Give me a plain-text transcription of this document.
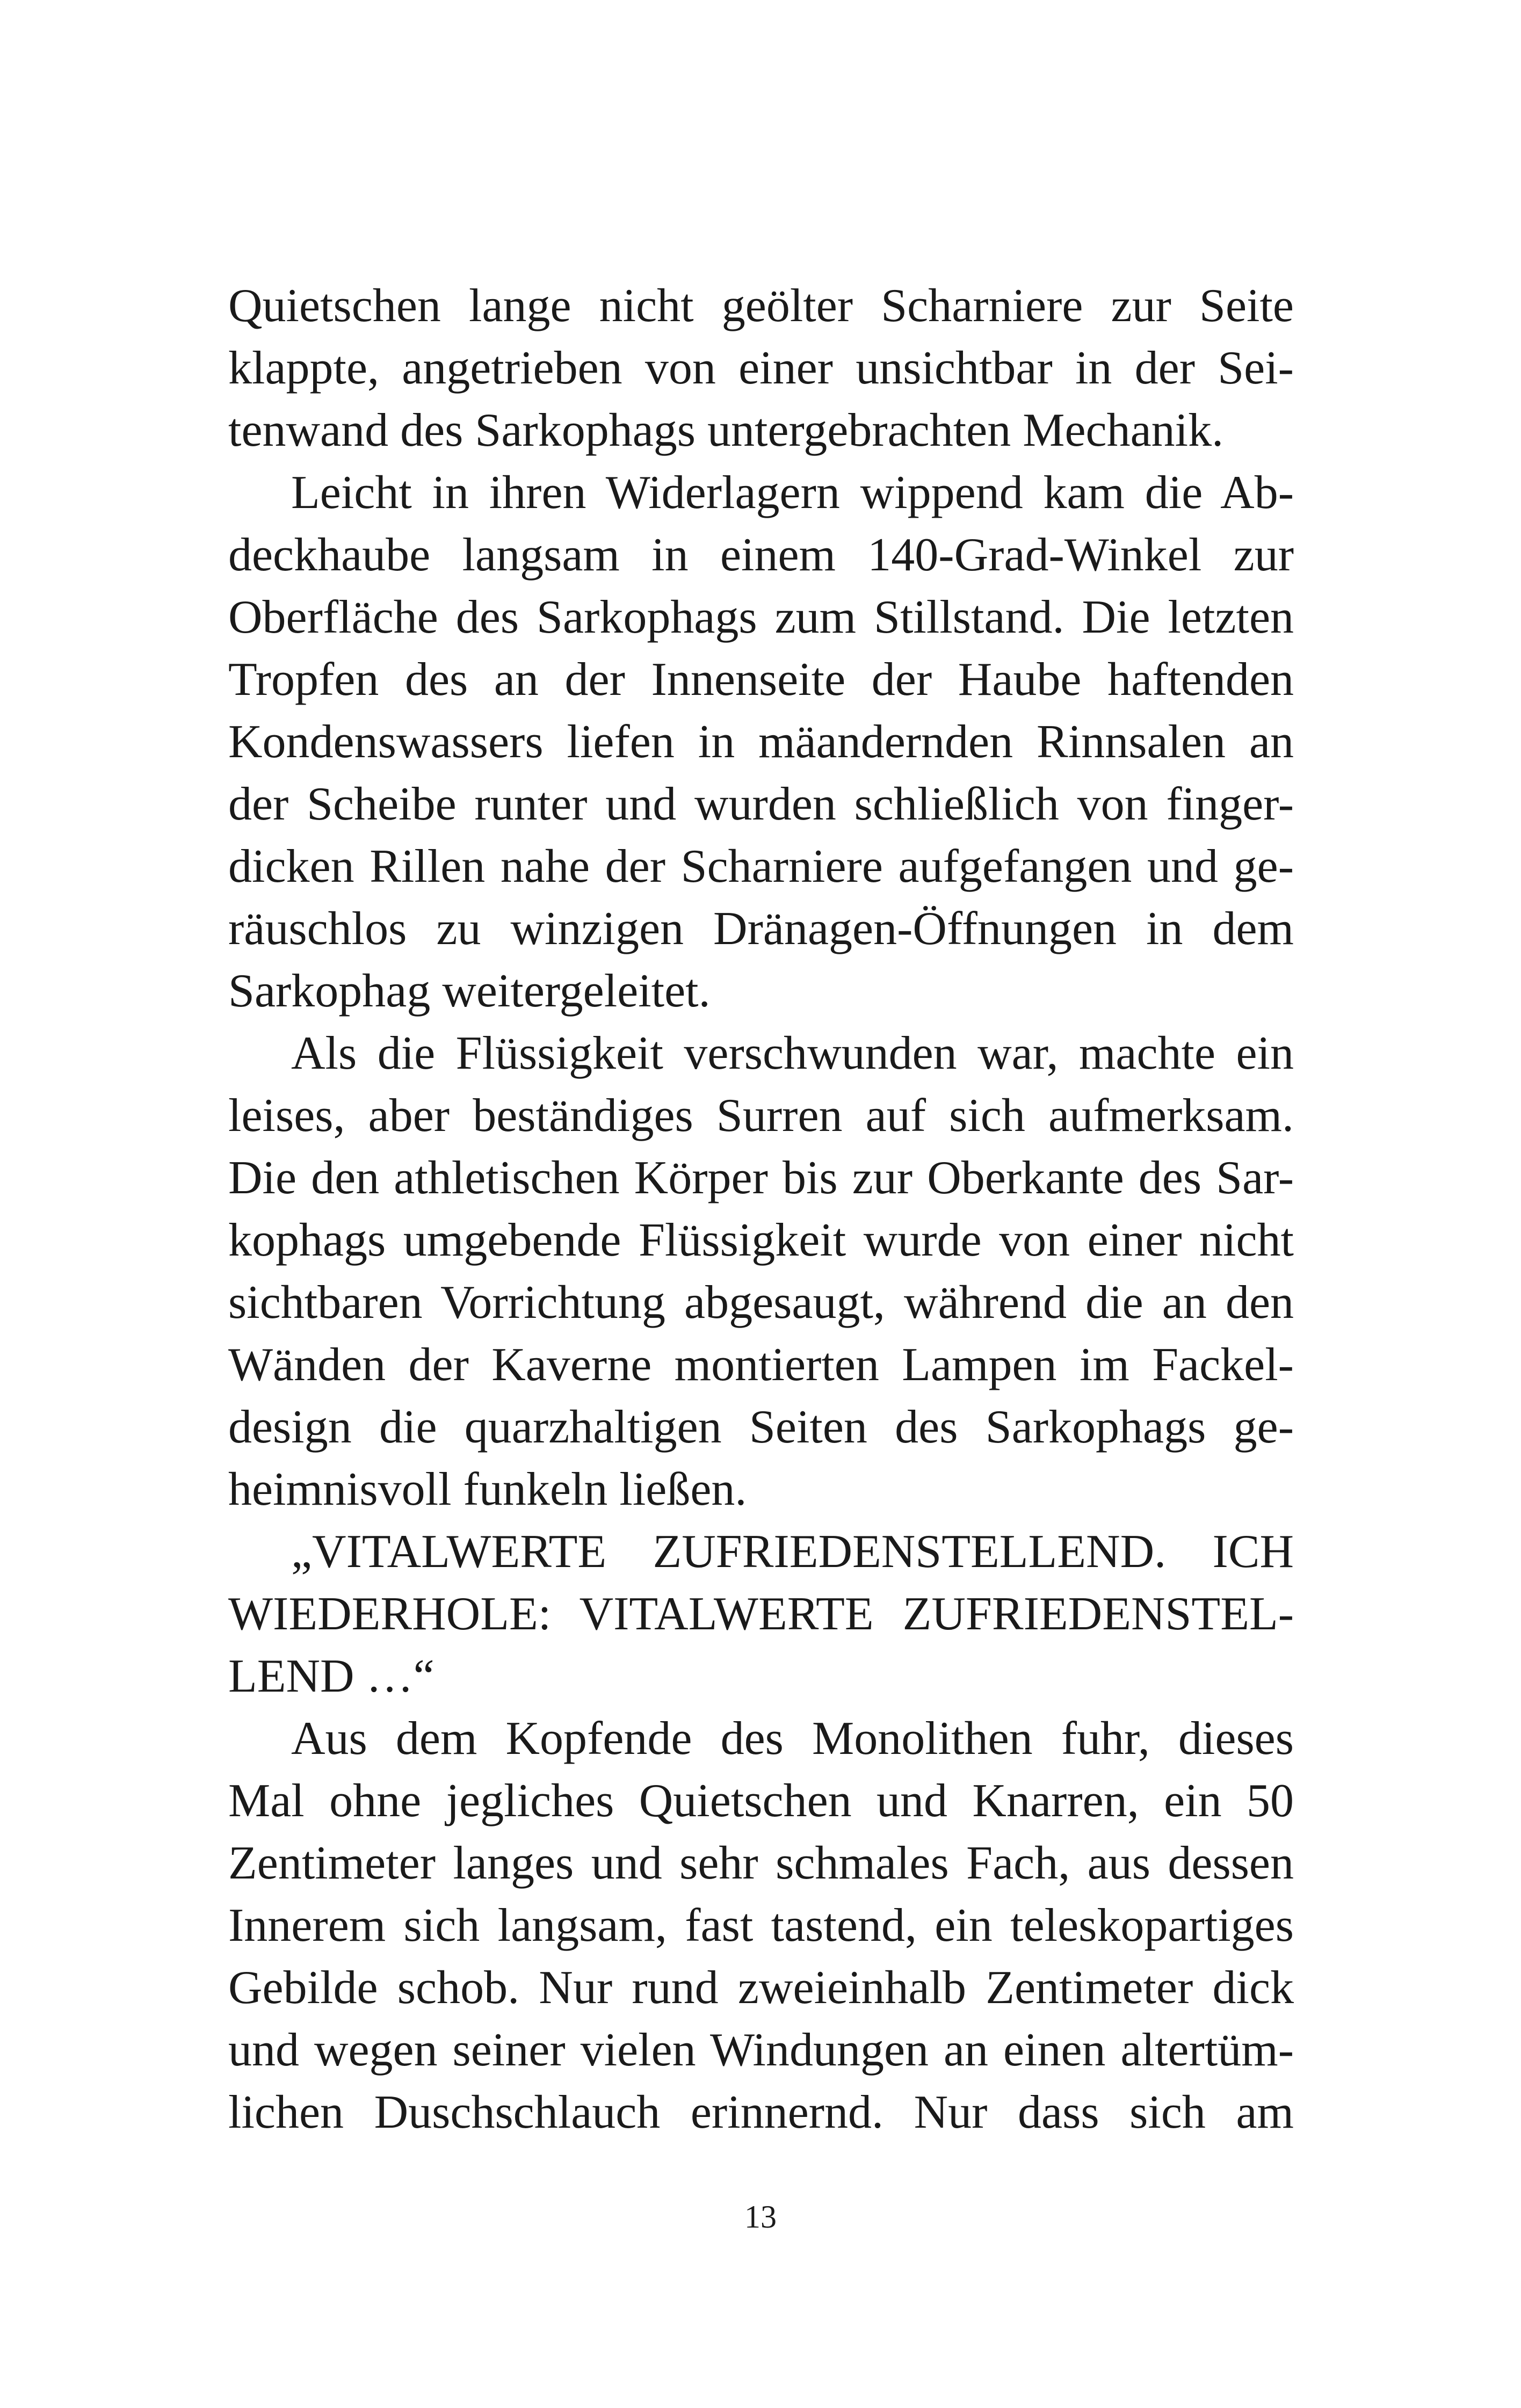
Quietschen lange nicht geölter Scharniere zur Seite
klappte, angetrieben von einer unsichtbar in der Sei-
tenwand des Sarkophags untergebrachten Mechanik.
Leicht in ihren Widerlagern wippend kam die Ab-
deckhaube langsam in einem 140-Grad-Winkel zur
Oberfläche des Sarkophags zum Stillstand. Die letzten
Tropfen des an der Innenseite der Haube haftenden
Kondenswassers liefen in mäandernden Rinnsalen an
der Scheibe runter und wurden schließlich von finger-
dicken Rillen nahe der Scharniere aufgefangen und ge-
räuschlos zu winzigen Dränagen-Öffnungen in dem
Sarkophag weitergeleitet.
Als die Flüssigkeit verschwunden war, machte ein
leises, aber beständiges Surren auf sich aufmerksam.
Die den athletischen Körper bis zur Oberkante des Sar-
kophags umgebende Flüssigkeit wurde von einer nicht
sichtbaren Vorrichtung abgesaugt, während die an den
Wänden der Kaverne montierten Lampen im Fackel-
design die quarzhaltigen Seiten des Sarkophags ge-
heimnisvoll funkeln ließen.
„VITALWERTE ZUFRIEDENSTELLEND. ICH
WIEDERHOLE: VITALWERTE ZUFRIEDENSTEL-
LEND …“
Aus dem Kopfende des Monolithen fuhr, dieses
Mal ohne jegliches Quietschen und Knarren, ein 50
Zentimeter langes und sehr schmales Fach, aus dessen
Innerem sich langsam, fast tastend, ein teleskopartiges
Gebilde schob. Nur rund zweieinhalb Zentimeter dick
und wegen seiner vielen Windungen an einen altertüm-
lichen Duschschlauch erinnernd. Nur dass sich am
13
